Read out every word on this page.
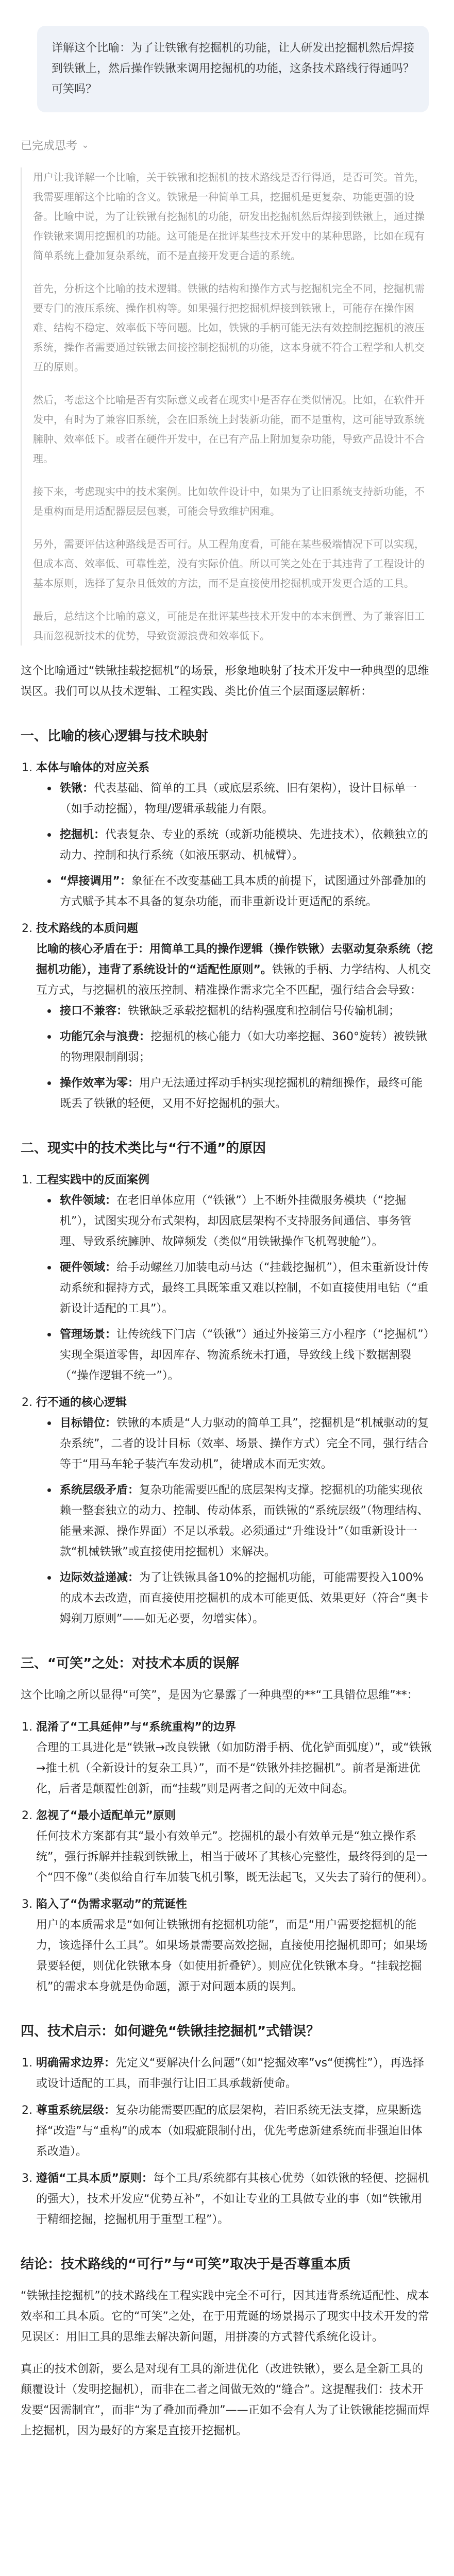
详解这个比喻：为了让铁锹有挖掘机的功能，让人研发出挖掘机然后焊接到铁锹上，然后操作铁锹来调用挖掘机的功能，这条技术路线行得通吗？可笑吗？
已完成思考 ⌄

用户让我详解一个比喻，关于铁锹和挖掘机的技术路线是否行得通，是否可笑。首先，我需要理解这个比喻的含义。铁锹是一种简单工具，挖掘机是更复杂、功能更强的设备。比喻中说，为了让铁锹有挖掘机的功能，研发出挖掘机然后焊接到铁锹上，通过操作铁锹来调用挖掘机的功能。这可能是在批评某些技术开发中的某种思路，比如在现有简单系统上叠加复杂系统，而不是直接开发更合适的系统。

首先，分析这个比喻的技术逻辑。铁锹的结构和操作方式与挖掘机完全不同，挖掘机需要专门的液压系统、操作机构等。如果强行把挖掘机焊接到铁锹上，可能存在操作困难、结构不稳定、效率低下等问题。比如，铁锹的手柄可能无法有效控制挖掘机的液压系统，操作者需要通过铁锹去间接控制挖掘机的功能，这本身就不符合工程学和人机交互的原则。

然后，考虑这个比喻是否有实际意义或者在现实中是否存在类似情况。比如，在软件开发中，有时为了兼容旧系统，会在旧系统上封装新功能，而不是重构，这可能导致系统臃肿、效率低下。或者在硬件开发中，在已有产品上附加复杂功能，导致产品设计不合理。

接下来，考虑现实中的技术案例。比如软件设计中，如果为了让旧系统支持新功能，不是重构而是用适配器层层包裹，可能会导致维护困难。

另外，需要评估这种路线是否可行。从工程角度看，可能在某些极端情况下可以实现，但成本高、效率低、可靠性差，没有实际价值。所以可笑之处在于其违背了工程设计的基本原则，选择了复杂且低效的方法，而不是直接使用挖掘机或开发更合适的工具。

最后，总结这个比喻的意义，可能是在批评某些技术开发中的本末倒置、为了兼容旧工具而忽视新技术的优势，导致资源浪费和效率低下。

这个比喻通过“铁锹挂载挖掘机”的场景，形象地映射了技术开发中一种典型的思维误区。我们可以从技术逻辑、工程实践、类比价值三个层面逐层解析：

一、比喻的核心逻辑与技术映射
1. 本体与喻体的对应关系
铁锹：代表基础、简单的工具（或底层系统、旧有架构），设计目标单一（如手动挖掘），物理/逻辑承载能力有限。
挖掘机：代表复杂、专业的系统（或新功能模块、先进技术），依赖独立的动力、控制和执行系统（如液压驱动、机械臂）。
“焊接调用”：象征在不改变基础工具本质的前提下，试图通过外部叠加的方式赋予其本不具备的复杂功能，而非重新设计更适配的系统。
2. 技术路线的本质问题
比喻的核心矛盾在于：用简单工具的操作逻辑（操作铁锹）去驱动复杂系统（挖掘机功能），违背了系统设计的“适配性原则”。铁锹的手柄、力学结构、人机交互方式，与挖掘机的液压控制、精准操作需求完全不匹配，强行结合会导致：
接口不兼容：铁锹缺乏承载挖掘机的结构强度和控制信号传输机制；
功能冗余与浪费：挖掘机的核心能力（如大功率挖掘、360°旋转）被铁锹的物理限制削弱；
操作效率为零：用户无法通过挥动手柄实现挖掘机的精细操作，最终可能既丢了铁锹的轻便，又用不好挖掘机的强大。
二、现实中的技术类比与“行不通”的原因
1. 工程实践中的反面案例
软件领域：在老旧单体应用（“铁锹”）上不断外挂微服务模块（“挖掘机”），试图实现分布式架构，却因底层架构不支持服务间通信、事务管理、导致系统臃肿、故障频发（类似“用铁锹操作飞机驾驶舱”）。
硬件领域：给手动螺丝刀加装电动马达（“挂载挖掘机”），但未重新设计传动系统和握持方式，最终工具既笨重又难以控制，不如直接使用电钻（“重新设计适配的工具”）。
管理场景：让传统线下门店（“铁锹”）通过外接第三方小程序（“挖掘机”）实现全渠道零售，却因库存、物流系统未打通，导致线上线下数据割裂（“操作逻辑不统一”）。
2. 行不通的核心逻辑
目标错位：铁锹的本质是“人力驱动的简单工具”，挖掘机是“机械驱动的复杂系统”，二者的设计目标（效率、场景、操作方式）完全不同，强行结合等于“用马车轮子装汽车发动机”，徒增成本而无实效。
系统层级矛盾：复杂功能需要匹配的底层架构支撑。挖掘机的功能实现依赖一整套独立的动力、控制、传动体系，而铁锹的“系统层级”（物理结构、能量来源、操作界面）不足以承载。必须通过“升维设计”（如重新设计一款“机械铁锹”或直接使用挖掘机）来解决。
边际效益递减：为了让铁锹具备10%的挖掘机功能，可能需要投入100%的成本去改造，而直接使用挖掘机的成本可能更低、效果更好（符合“奥卡姆剃刀原则”——如无必要，勿增实体）。
三、“可笑”之处：对技术本质的误解

这个比喻之所以显得“可笑”，是因为它暴露了一种典型的**“工具错位思维”**：

1. 混淆了“工具延伸”与“系统重构”的边界
合理的工具进化是“铁锹→改良铁锹（如加防滑手柄、优化铲面弧度）”，或“铁锹→推土机（全新设计的复杂工具）”，而不是“铁锹外挂挖掘机”。前者是渐进优化，后者是颠覆性创新，而“挂载”则是两者之间的无效中间态。
2. 忽视了“最小适配单元”原则
任何技术方案都有其“最小有效单元”。挖掘机的最小有效单元是“独立操作系统”，强行拆解并挂载到铁锹上，相当于破坏了其核心完整性，最终得到的是一个“四不像”（类似给自行车加装飞机引擎，既无法起飞，又失去了骑行的便利）。
3. 陷入了“伪需求驱动”的荒诞性
用户的本质需求是“如何让铁锹拥有挖掘机功能”，而是“用户需要挖掘机的能力，该选择什么工具”。如果场景需要高效挖掘，直接使用挖掘机即可；如果场景要轻便，则优化铁锹本身（如使用折叠铲）。则应优化铁锹本身。“挂载挖掘机”的需求本身就是伪命题，源于对问题本质的误判。
四、技术启示：如何避免“铁锹挂挖掘机”式错误？
1. 明确需求边界：先定义“要解决什么问题”（如“挖掘效率”vs“便携性”），再选择或设计适配的工具，而非强行让旧工具承载新使命。
2. 尊重系统层级：复杂功能需要匹配的底层架构，若旧系统无法支撑，应果断选择“改造”与“重构”的成本（如瑕疵限制付出，优先考虑新建系统而非强迫旧体系改造）。
3. 遵循“工具本质”原则：每个工具/系统都有其核心优势（如铁锹的轻便、挖掘机的强大），技术开发应“优势互补”，不如让专业的工具做专业的事（如“铁锹用于精细挖掘，挖掘机用于重型工程”）。
结论：技术路线的“可行”与“可笑”取决于是否尊重本质

“铁锹挂挖掘机”的技术路线在工程实践中完全不可行，因其违背系统适配性、成本效率和工具本质。它的“可笑”之处，在于用荒诞的场景揭示了现实中技术开发的常见误区：用旧工具的思维去解决新问题，用拼凑的方式替代系统化设计。

真正的技术创新，要么是对现有工具的渐进优化（改进铁锹），要么是全新工具的颠覆设计（发明挖掘机），而非在二者之间做无效的“缝合”。这提醒我们：技术开发要“因需制宜”，而非“为了叠加而叠加”——正如不会有人为了让铁锹能挖掘而焊上挖掘机，因为最好的方案是直接开挖掘机。
